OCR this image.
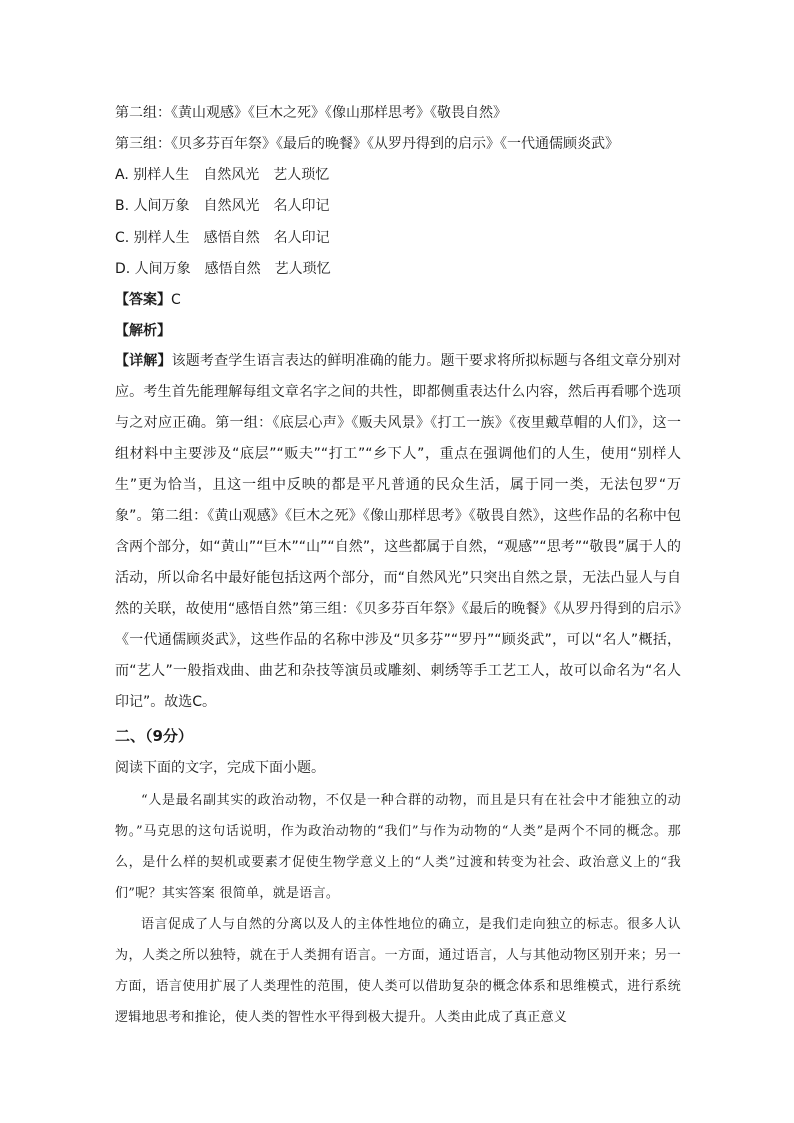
第二组：《黄山观感》《巨木之死》《像山那样思考》《敬畏自然》
第三组：《贝多芬百年祭》《最后的晚餐》《从罗丹得到的启示》《一代通儒顾炎武》
A. 别样人生　自然风光　艺人琐忆
B. 人间万象　自然风光　名人印记
C. 别样人生　感悟自然　名人印记
D. 人间万象　感悟自然　艺人琐忆
【答案】C
【解析】
【详解】该题考查学生语言表达的鲜明准确的能力。题干要求将所拟标题与各组文章分别对应。考生首先能理解每组文章名字之间的共性，即都侧重表达什么内容，然后再看哪个选项与之对应正确。第一组：《底层心声》《贩夫风景》《打工一族》《夜里戴草帽的人们》，这一组材料中主要涉及“底层”“贩夫”“打工”“乡下人”，重点在强调他们的人生，使用“别样人生”更为恰当，且这一组中反映的都是平凡普通的民众生活，属于同一类，无法包罗“万象”。第二组：《黄山观感》《巨木之死》《像山那样思考》《敬畏自然》，这些作品的名称中包含两个部分，如“黄山”“巨木”“山”“自然”，这些都属于自然，“观感”“思考”“敬畏”属于人的活动，所以命名中最好能包括这两个部分，而“自然风光”只突出自然之景，无法凸显人与自然的关联，故使用“感悟自然”第三组：《贝多芬百年祭》《最后的晚餐》《从罗丹得到的启示》《一代通儒顾炎武》，这些作品的名称中涉及“贝多芬”“罗丹”“顾炎武”，可以“名人”概括，而“艺人”一般指戏曲、曲艺和杂技等演员或雕刻、刺绣等手工艺工人，故可以命名为“名人印记”。故选C。
二、（9分）
阅读下面的文字，完成下面小题。
“人是最名副其实的政治动物，不仅是一种合群的动物，而且是只有在社会中才能独立的动物。”马克思的这句话说明，作为政治动物的“我们”与作为动物的“人类”是两个不同的概念。那么，是什么样的契机或要素才促使生物学意义上的“人类”过渡和转变为社会、政治意义上的“我们”呢？其实答案 很简单，就是语言。
语言促成了人与自然的分离以及人的主体性地位的确立，是我们走向独立的标志。很多人认为，人类之所以独特，就在于人类拥有语言。一方面，通过语言，人与其他动物区别开来；另一方面，语言使用扩展了人类理性的范围，使人类可以借助复杂的概念体系和思维模式，进行系统逻辑地思考和推论，使人类的智性水平得到极大提升。人类由此成了真正意义
